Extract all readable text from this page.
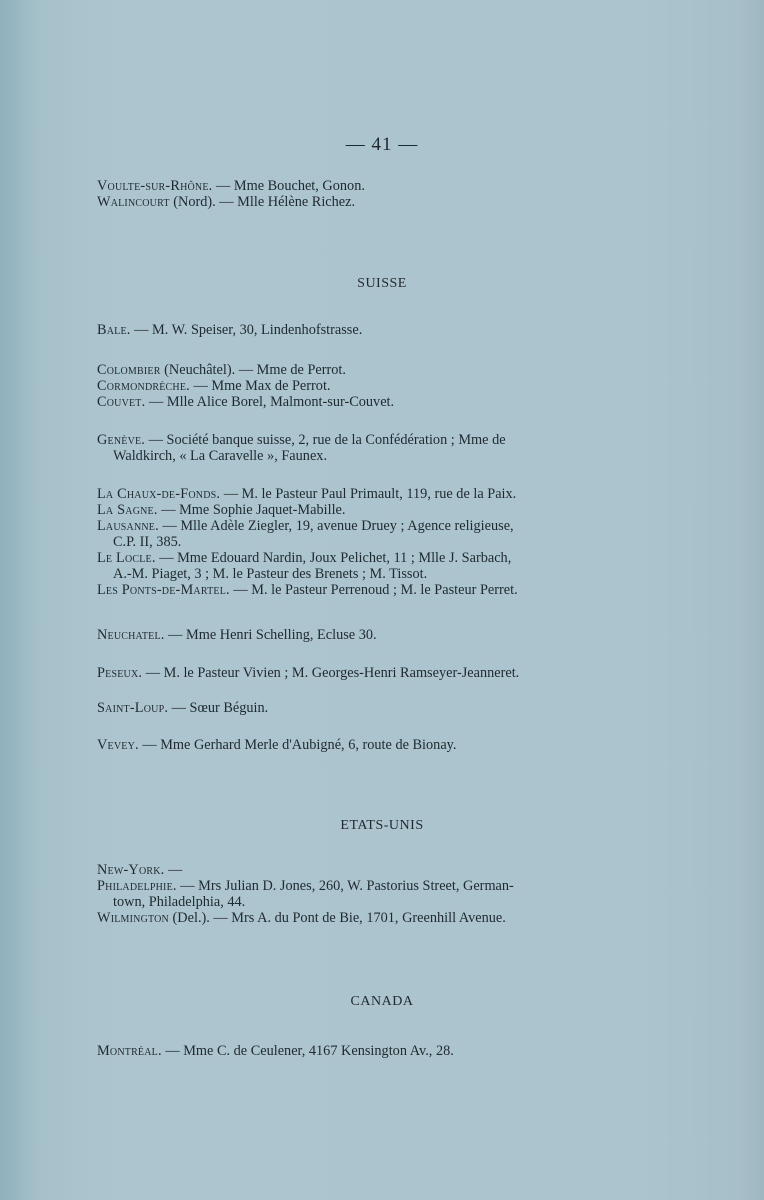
— 41 —

Voulte-sur-Rhône. — Mme Bouchet, Gonon.

Walincourt (Nord). — Mlle Hélène Richez.

SUISSE

Bale. — M. W. Speiser, 30, Lindenhofstrasse.

Colombier (Neuchâtel). — Mme de Perrot.

Cormondrèche. — Mme Max de Perrot.

Couvet. — Mlle Alice Borel, Malmont-sur-Couvet.

Genève. — Société banque suisse, 2, rue de la Confédération ; Mme de
Waldkirch, « La Caravelle », Faunex.

La Chaux-de-Fonds. — M. le Pasteur Paul Primault, 119, rue de la Paix.

La Sagne. — Mme Sophie Jaquet-Mabille.

Lausanne. — Mlle Adèle Ziegler, 19, avenue Druey ; Agence religieuse,
C.P. II, 385.

Le Locle. — Mme Edouard Nardin, Joux Pelichet, 11 ; Mlle J. Sarbach,
A.-M. Piaget, 3 ; M. le Pasteur des Brenets ; M. Tissot.

Les Ponts-de-Martel. — M. le Pasteur Perrenoud ; M. le Pasteur Perret.

Neuchatel. — Mme Henri Schelling, Ecluse 30.

Peseux. — M. le Pasteur Vivien ; M. Georges-Henri Ramseyer-Jeanneret.

Saint-Loup. — Sœur Béguin.

Vevey. — Mme Gerhard Merle d'Aubigné, 6, route de Bionay.

ETATS-UNIS

New-York. —

Philadelphie. — Mrs Julian D. Jones, 260, W. Pastorius Street, German-
town, Philadelphia, 44.

Wilmington (Del.). — Mrs A. du Pont de Bie, 1701, Greenhill Avenue.

CANADA

Montréal. — Mme C. de Ceulener, 4167 Kensington Av., 28.
